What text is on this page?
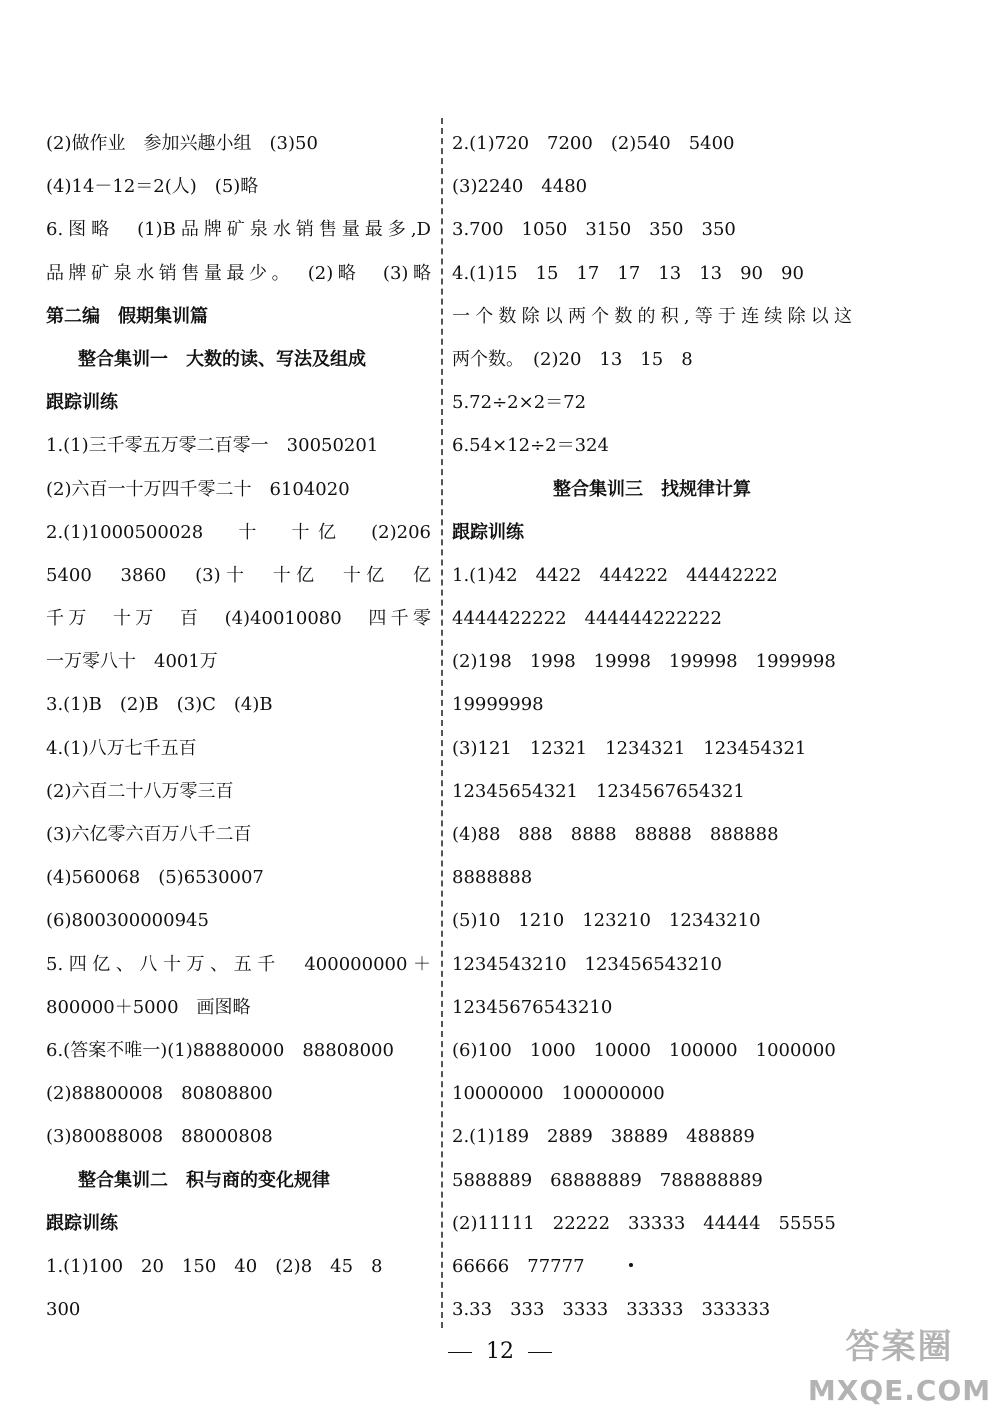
(2)做作业　参加兴趣小组　(3)50
(4)14－12＝2(人)　(5)略
6.图略　(1)B品牌矿泉水销售量最多,D
品牌矿泉水销售量最少。　(2)略　(3)略
第二编　假期集训篇
整合集训一　大数的读、写法及组成
跟踪训练
1.(1)三千零五万零二百零一　30050201
(2)六百一十万四千零二十　6104020
2.(1)1000500028　十　十亿　(2)206
5400　3860　(3)十　十亿　十亿　亿
千万　十万　百　(4)40010080　四千零
一万零八十　4001万
3.(1)B　(2)B　(3)C　(4)B
4.(1)八万七千五百
(2)六百二十八万零三百
(3)六亿零六百万八千二百
(4)560068　(5)6530007
(6)800300000945
5.四亿、八十万、五千　400000000＋
800000＋5000　画图略
6.(答案不唯一)(1)88880000　88808000
(2)88800008　80808800
(3)80088008　88000808
整合集训二　积与商的变化规律
跟踪训练
1.(1)100　20　150　40　(2)8　45　8
300
2.(1)720　7200　(2)540　5400
(3)2240　4480
3.700　1050　3150　350　350
4.(1)15　15　17　17　13　13　90　90
一个数除以两个数的积,等于连续除以这
两个数。　(2)20　13　15　8
5.72÷2×2＝72
6.54×12÷2＝324
整合集训三　找规律计算
跟踪训练
1.(1)42　4422　444222　44442222
4444422222　444444222222
(2)198　1998　19998　199998　1999998
19999998
(3)121　12321　1234321　123454321
12345654321　1234567654321
(4)88　888　8888　88888　888888
8888888
(5)10　1210　123210　12343210
1234543210　123456543210
12345676543210
(6)100　1000　10000　100000　1000000
10000000　100000000
2.(1)189　2889　38889　488889
5888889　68888889　788888889
(2)11111　22222　33333　44444　55555
66666　77777
3.33　333　3333　33333　333333
12	答案圈
MXQE.COM
